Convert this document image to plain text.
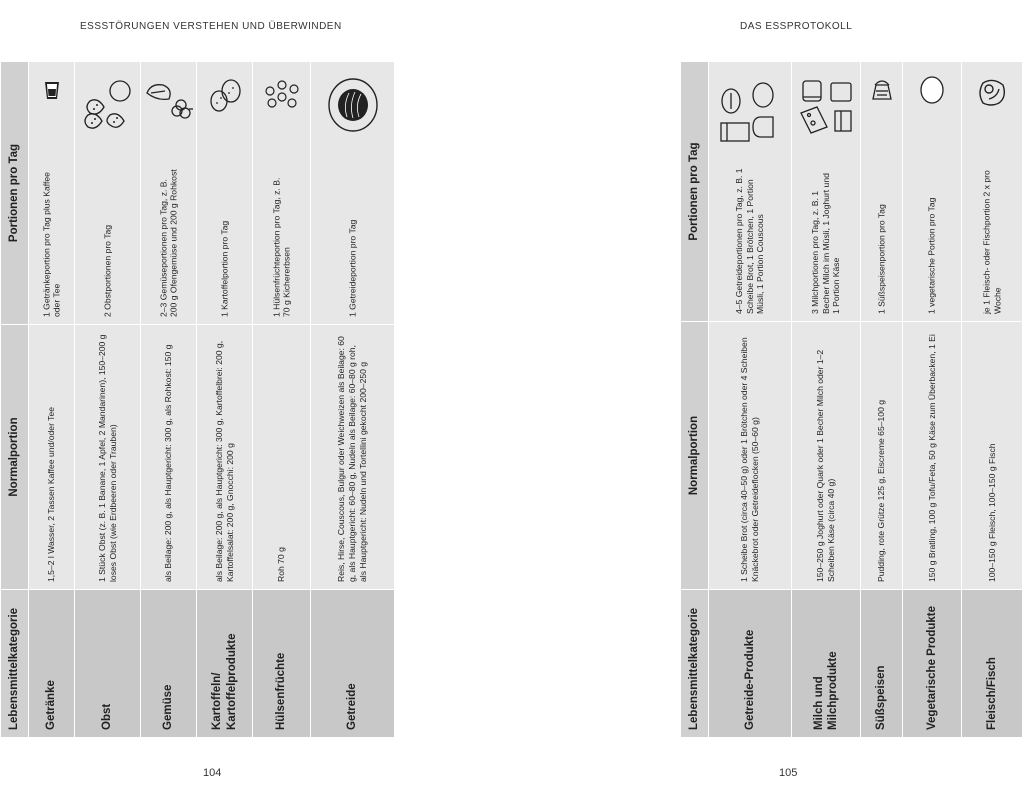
ESSSTÖRUNGEN VERSTEHEN UND ÜBERWINDEN
104
Lebensmittelkategorie	Normalportion	Portionen pro Tag
Getränke	1,5–2 l Wasser, 2 Tassen Kaffee und/oder Tee	1 Getränkeportion pro Tag plus Kaffee oder Tee

Obst	1 Stück Obst (z. B. 1 Banane, 1 Apfel, 2 Mandarinen), 150–200 g loses Obst (wie Erdbeeren oder Trauben)	2 Obstportionen pro Tag

Gemüse	als Beilage: 200 g, als Hauptgericht: 300 g, als Rohkost: 150 g	2–3 Gemüseportionen pro Tag, z. B. 200 g Ofengemüse und 200 g Rohkost

Kartoffeln/ Kartoffelprodukte	als Beilage: 200 g, als Hauptgericht: 300 g, Kartoffelbrei: 200 g, Kartoffelsalat: 200 g, Gnocchi: 200 g	1 Kartoffelportion pro Tag

Hülsenfrüchte	Roh 70 g	1 Hülsenfrüchteportion pro Tag, z. B. 70 g Kichererbsen

Getreide	Reis, Hirse, Couscous, Bulgur oder Weichweizen als Beilage: 60 g, als Hauptgericht: 60–80 g, Nudeln als Beilage: 60–80 g roh, als Hauptgericht: Nudeln und Tortellini gekocht 200–250 g	1 Getreideportion pro Tag
DAS ESSPROTOKOLL
105
Lebensmittelkategorie	Normalportion	Portionen pro Tag
Getreide-Produkte	1 Scheibe Brot (circa 40–50 g) oder 1 Brötchen oder 4 Scheiben Knäckebrot oder Getreideflocken (50–60 g)	4–5 Getreideportionen pro Tag, z. B. 1 Scheibe Brot, 1 Brötchen, 1 Portion Müsli, 1 Portion Couscous

Milch und Milchprodukte	150–250 g Joghurt oder Quark oder 1 Becher Milch oder 1–2 Scheiben Käse (circa 40 g)	3 Milchportionen pro Tag, z. B. 1 Becher Milch im Müsli, 1 Joghurt und 1 Portion Käse

Süßspeisen	Pudding, rote Grütze 125 g, Eiscreme 65–100 g	1 Süßspeisenportion pro Tag

Vegetarische Produkte	150 g Bratling, 100 g Tofu/Feta, 50 g Käse zum Überbacken, 1 Ei	1 vegetarische Portion pro Tag

Fleisch/Fisch	100–150 g Fleisch, 100–150 g Fisch	je 1 Fleisch- oder Fischportion 2 x pro Woche
